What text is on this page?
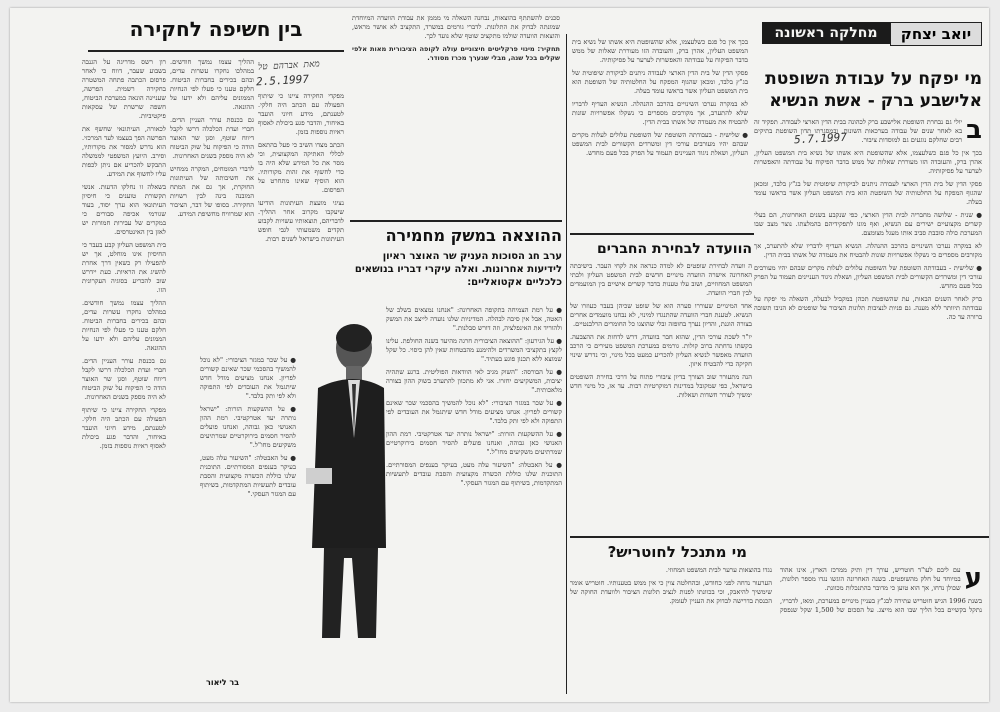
יואב יצחק
מחלקה ראשונה
מי יפקח על עבודת השופטת
אלישבע ברק - אשת הנשיא
5.7.1997	ב

יולי גם נבחרת השופטת אלישבע ברק לכהונה בבית הדין הארצי לעבודה. תפקיד זה בא לאחר שנים של עבודה בערכאות השונות, ובמסגרתו תדון השופטת בתיקים רבים שחלקם נוגעים גם למוסדות ציבור.

בכך אין כל פגם כשלעצמו, אלא שהשופטת היא אשתו של נשיא בית המשפט העליון, אהרן ברק, והעובדה הזו מעוררת שאלות של ממש בדבר הפיקוח על עבודתה והאפשרות לערער על פסיקותיה.

פסקי הדין של בית הדין הארצי לעבודה ניתנים לביקורת שיפוטית של בג"ץ בלבד, ומכאן שהגוף המפקח על החלטותיה של השופטת הוא בית המשפט העליון אשר בראשו עומד בעלה.

● שנית - שלושה מחבריה לבית הדין הארצי, כפי שנקבע בשנים האחרונות, הם בעלי קשרים מקצועיים ישירים עם הנשיא, ואף מונו לתפקידיהם בהמלצתו. נוצר מצב שבו המערכת כולה סובבת סביב אותו מעגל מצומצם.

לא במקרה נערכו השינויים בהרכב ההנהלה. הנשיא העדיף לדבריו שלא להתערב, אך מקורבים מספרים כי נשקלו אפשרויות שונות להבטיח את מעמדה של אשתו בבית הדין.

● שלישית - בעבודתה השוטפת של השופטת עלולים לעלות מקרים שבהם יהיו מעורבים עורכי דין ומשרדים הקשורים לבית המשפט העליון, ושאלת ניגוד העניינים תעמוד על הפרק בכל פעם מחדש.

ברק לאחר השנים הבאות, עת שהשופטת תכהן במקביל לבעלה, השאלה מי יפקח על עבודתה תיוותר ללא מענה. גם פניות לנציבות תלונות הציבור על שופטים לא הניבו תשובה ברורה עד כה.

בכך אין כל פגם כשלעצמו, אלא שהשופטת היא אשתו של נשיא בית המשפט העליון, אהרן ברק, והעובדה הזו מעוררת שאלות של ממש בדבר הפיקוח על עבודתה והאפשרות לערער על פסיקותיה.

פסקי הדין של בית הדין הארצי לעבודה ניתנים לביקורת שיפוטית של בג"ץ בלבד, ומכאן שהגוף המפקח על החלטותיה של השופטת הוא בית המשפט העליון אשר בראשו עומד בעלה.

לא במקרה נערכו השינויים בהרכב ההנהלה. הנשיא העדיף לדבריו שלא להתערב, אך מקורבים מספרים כי נשקלו אפשרויות שונות להבטיח את מעמדה של אשתו בבית הדין.

● שלישית - בעבודתה השוטפת של השופטת עלולים לעלות מקרים שבהם יהיו מעורבים עורכי דין ומשרדים הקשורים לבית המשפט העליון, ושאלת ניגוד העניינים תעמוד על הפרק בכל פעם מחדש.

הוועדה לבחירת החברים

ה וועדה לבחירת שופטים לא למדה כנראה את לקחי העבר. בישיבתה האחרונה אישרה הוועדה מינויים חדשים לבית המשפט העליון ולבתי המשפט המחוזיים, ושוב עלו טענות בדבר קשרים אישיים בין המועמדים לבין חברי הוועדה.

אחד המינויים שעוררו סערה הוא של שופט שכיהן בעבר כעוזרו של הנשיא. לטענת חברי הוועדה שהתנגדו למינוי, לא נבחנו מועמדים אחרים בצורה הוגנת, והדיון נערך בחופזה ובלי שהוצגו כל החומרים הרלבנטיים.

יו"ר לשכת עורכי הדין, שהוא חבר בוועדה, דרש לדחות את ההצבעה. בקשתו נדחתה ברוב קולות. גורמים במערכת המשפט מעירים כי הרכב הוועדה מאפשר לנשיא העליון להכריע כמעט בכל מינוי, וכי נדרש שינוי חקיקה כדי להבטיח איזון.

הנה מתעורר שוב הצורך בדיון ציבורי פתוח על דרכי בחירת השופטים בישראל, כפי שמקובל במדינות דמוקרטיות רבות. עד אז, כל מינוי חדש ימשיך לעורר חשדות ושאלות.

מי מתנכל לחוטריש?
ע

עם ליבם לעו"ד חוטריש, עורך דין ותיק ממרכז הארץ, אינו אהוד במיוחד על חלק מהשופטים. בשנה האחרונה הוגשו נגדו מספר תלונות, שכולן נדחו, אך הוא טוען כי מדובר בהתנכלות מכוונת.

בשנת 1996 הגיש חוטריש עתירה לבג"ץ בעניין מינויים במערכת, ומאז, לדבריו, נתקל בקשיים בכל הליך שבו הוא מייצג. על הסכום של 1,500 שקל שנפסק נגדו בהוצאות ערער לבית המשפט המחוזי.

הערעור נדחה לפני כחודש, ובהחלטה צוין כי אין ממש בטענותיו. חוטריש אומר שימשיך להיאבק, וכי בכוונתו לפנות לנציב תלונות הציבור ולוועדת החוקה של הכנסת בדרישה לבדוק את העניין לעומק.

סכנים להשתתף בהוצאות, נבחנה השאלה מי מממן את עבודת הוועדה המיוחדת שמונתה לבדוק את התלונות. לדברי גורמים במשרד, התקציב לא אושר מראש, והוצאות הוועדה שולמו מתקציב שוטף שלא נועד לכך.

תחקיר: מינוי פרקליטים חיצוניים עולה לקופה הציבורית מאות אלפי שקלים בכל שנה, מבלי שנערך מכרז מסודר.

ההוצאה במשק מחמירה

ערב חג הסוכות העניק שר האוצר ראיון לידיעות אחרונות. ואלה עיקרי דבריו בנושאים כלכליים אקטואליים:

● על רמת הצמיחה בתקופה האחרונה: "אנחנו נמצאים בשלב של האטה, אבל אין סיבה לבהלה. המדיניות שלנו נועדה לייצב את המשק ולהוריד את האינפלציה, וזה דורש סבלנות."

● על הגירעון: "ההוצאה הציבורית חרגה מהיעד בשנה החולפת. עלינו לקצץ בתקציבי המשרדים ולהימנע מהבטחות שאין להן כיסוי. כל שקל שמוצא ללא תכנון פוגע בעתיד."

● על הבורסה: "השוק מגיב לאי הוודאות הפוליטית. ברגע שתהיה יציבות, המשקיעים יחזרו. אני לא מתכוון להתערב בשוק ההון בצורה מלאכותית."

● על שכר במגזר הציבורי: "לא נוכל להמשיך בהסכמי שכר שאינם קשורים לפריון. אנחנו מציעים מודל חדש שיתגמל את העובדים לפי התפוקה ולא לפי ותק בלבד."

● על ההשקעות הזרות: "ישראל נותרה יעד אטרקטיבי. רמת ההון האנושי כאן גבוהה, ואנחנו פועלים להסיר חסמים בירוקרטיים שמרתיעים משקיעים מחו"ל."

● על האבטלה: "השיעור עלה מעט, בעיקר בענפים המסורתיים. התוכנית שלנו כוללת הכשרה מקצועית והסבת עובדים לתעשיות המתקדמות, בשיתוף עם המגזר העסקי."

● על שכר במגזר הציבורי: "לא נוכל להמשיך בהסכמי שכר שאינם קשורים לפריון. אנחנו מציעים מודל חדש שיתגמל את העובדים לפי התפוקה ולא לפי ותק בלבד."

● על ההשקעות הזרות: "ישראל נותרה יעד אטרקטיבי. רמת ההון האנושי כאן גבוהה, ואנחנו פועלים להסיר חסמים בירוקרטיים שמרתיעים משקיעים מחו"ל."

● על האבטלה: "השיעור עלה מעט, בעיקר בענפים המסורתיים. התוכנית שלנו כוללת הכשרה מקצועית והסבת עובדים לתעשיות המתקדמות, בשיתוף עם המגזר העסקי."

בר ליאור
בין חשיפה לחקירה
מאת אברהם טל
2.5.1997

מפקדי החקירה ציינו כי שיתוף הפעולה עם הכתב היה חלקי. לטענתם, מידע חיוני הועבר באיחור, והדבר פגע ביכולת לאסוף ראיות נוספות בזמן.

הכתב מצדו השיב כי פעל בהתאם לכללי האתיקה המקצועית, וכי מסר את כל המידע שלא היה בו כדי לחשוף את זהות מקורותיו. הוא הוסיף שאינו מתחרט על הפרסום.

נציגי מועצת העיתונות הודיעו שיעקבו מקרוב אחר ההליך. לדבריהם, תוצאותיו עשויות לקבוע תקדים משמעותי לגבי חופש העיתונות בישראל לשנים רבות.

ההליך עצמו נמשך חודשים. במהלכו נחקרו עשרות עדים, ובהם בכירים בחברות הביטוח. חלקם טענו כי פעלו לפי הנחיות הממונים עליהם ולא ידעו על ההונאה.

גם בכנסת עורר העניין הדים. חברי ועדת הכלכלה דרשו לקבל דיווח שוטף, וסגן שר האוצר הודה כי הפיקוח על שוק הביטוח לא היה מספק בשנים האחרונות.

לדברי המומחים, המקרה ממחיש את חשיבותה של העיתונות החוקרת, אך גם את המתח המובנה בינה לבין רשויות החקירה. בסופו של דבר, הציבור הוא שמרוויח מחשיפת המידע.

רון רשס מדריגה על הגנבה בשבוע שעבר, דווח כי לאחר פרסום הכתבה פתחה המשטרה בחקירה רשמית. הפרשה, שעניינה הונאה במערכת הביטוח, חשפה שרשרת של עסקאות פיקטיביות.

לכאורה, העיתונאי שחשף את הפרשה הפך בעצמו לעד המרכזי. הוא נדרש למסור את מקורותיו, וסירב. היועץ המשפטי לממשלה התבקש להכריע אם ניתן לכפות עליו לחשוף את המידע.

בשאלה זו נחלקו הדעות. אנשי תקשורת טוענים כי חיסיון העיתונאי הוא ערך יסוד, בעוד שגורמי אכיפה סבורים כי במקרים של עבירות חמורות יש לאזן בין האינטרסים.

בית המשפט העליון קבע בעבר כי החיסיון אינו מוחלט, אך יש להפעילו רק כשאין דרך אחרת להשיג את הראיות. כעת יידרש שוב להכריע בסוגיה העקרונית הזו.

ההליך עצמו נמשך חודשים. במהלכו נחקרו עשרות עדים, ובהם בכירים בחברות הביטוח. חלקם טענו כי פעלו לפי הנחיות הממונים עליהם ולא ידעו על ההונאה.

גם בכנסת עורר העניין הדים. חברי ועדת הכלכלה דרשו לקבל דיווח שוטף, וסגן שר האוצר הודה כי הפיקוח על שוק הביטוח לא היה מספק בשנים האחרונות.

מפקדי החקירה ציינו כי שיתוף הפעולה עם הכתב היה חלקי. לטענתם, מידע חיוני הועבר באיחור, והדבר פגע ביכולת לאסוף ראיות נוספות בזמן.
